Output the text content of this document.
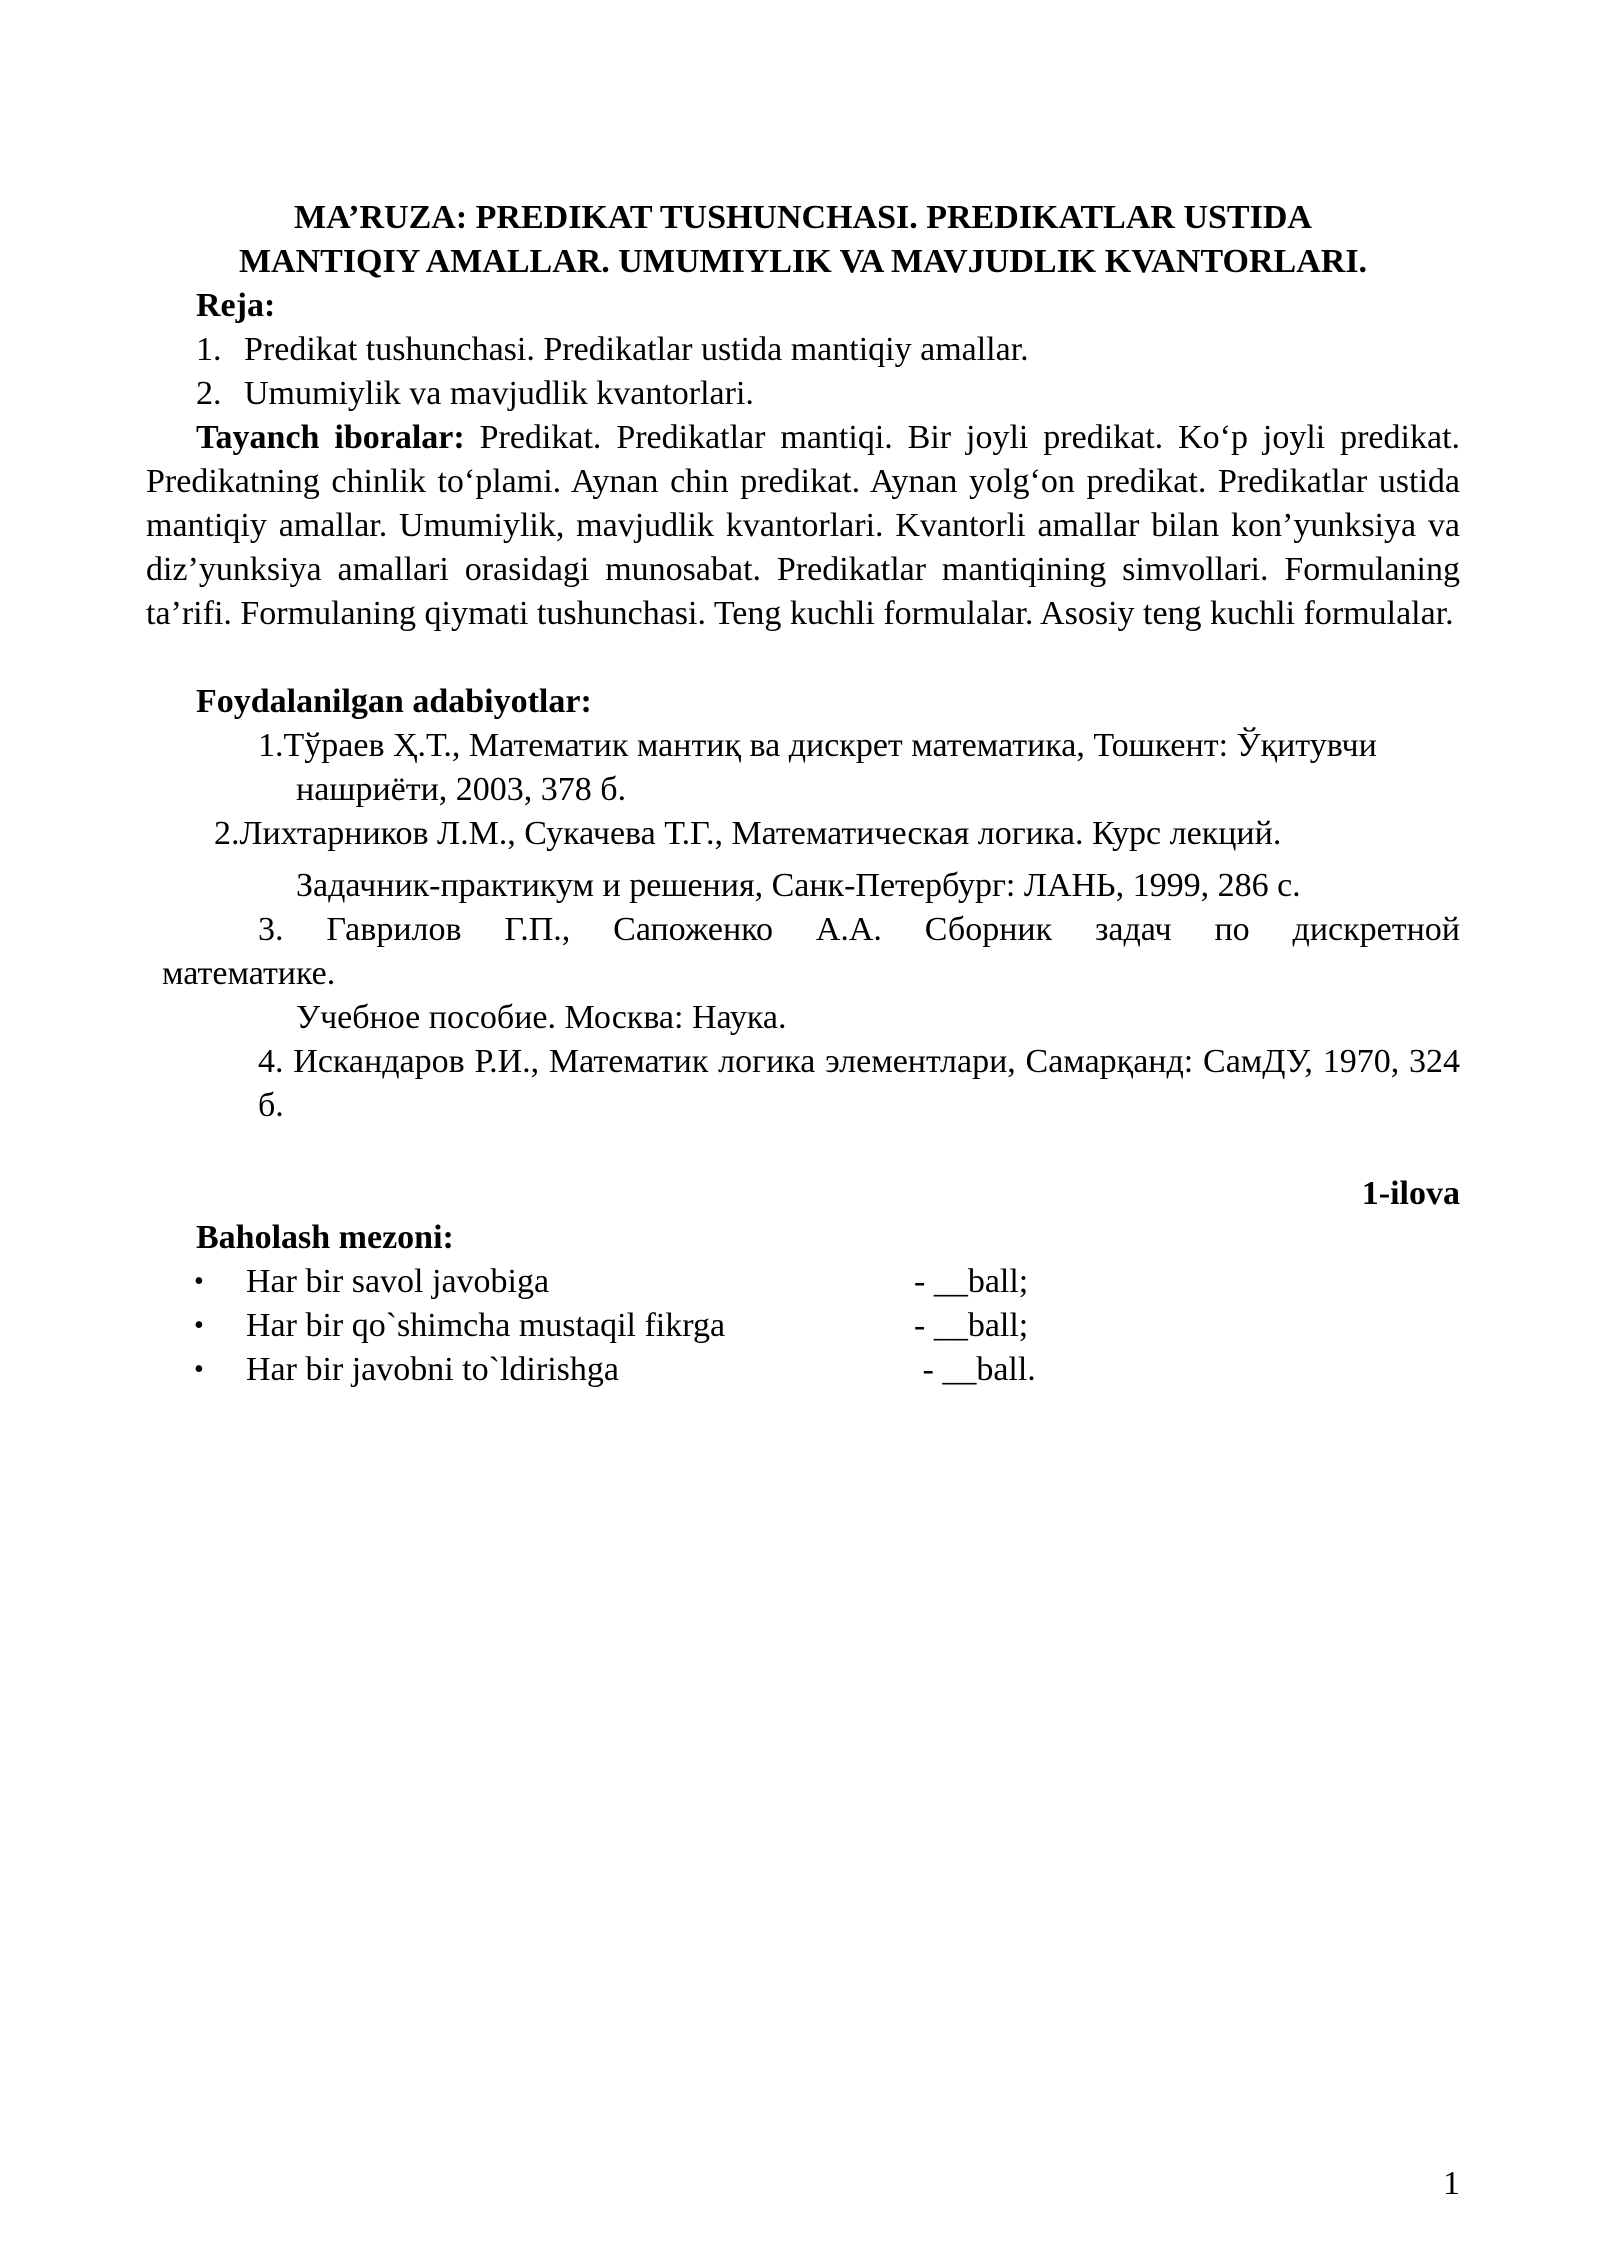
MA’RUZA: PREDIKAT TUSHUNCHASI. PREDIKATLAR USTIDA
MANTIQIY AMALLAR. UMUMIYLIK VA MAVJUDLIK KVANTORLARI.

Reja:

1. Predikat tushunchasi. Predikatlar ustida mantiqiy amallar.
2. Umumiylik va mavjudlik kvantorlari.

Tayanch iboralar: Predikat. Predikatlar mantiqi. Bir joyli predikat. Ko‘p joyli predikat. Predikatning chinlik to‘plami. Aynan chin predikat. Aynan yolg‘on predikat. Predikatlar ustida mantiqiy amallar. Umumiylik, mavjudlik kvantorlari. Kvantorli amallar bilan kon’yunksiya va diz’yunksiya amallari orasidagi munosabat. Predikatlar mantiqining simvollari. Formulaning ta’rifi. Formulaning qiymati tushunchasi. Teng kuchli formulalar. Asosiy teng kuchli formulalar.

Foydalanilgan adabiyotlar:

1.Тўраев Ҳ.Т., Математик мантиқ ва дискрет математика, Тошкент: Ўқитувчи

нашриёти, 2003, 378 б.

2.Лихтарников Л.М., Сукачева Т.Г., Математическая логика. Курс лекций.

Задачник-практикум и решения, Санк-Петербург: ЛАНЬ, 1999, 286 с.

3. Гаврилов Г.П., Сапоженко А.А. Сборник задач по дискретной

математике.

Учебное пособие. Москва: Наука.

4. Искандаров Р.И., Математик логика элементлари, Самарқанд: СамДУ, 1970, 324 б.

1-ilova

Baholash mezoni:

• Har bir savol javobiga	- __ball;
• Har bir qo`shimcha mustaqil fikrga	- __ball;
• Har bir javobni to`ldirishga	- __ball.
1
